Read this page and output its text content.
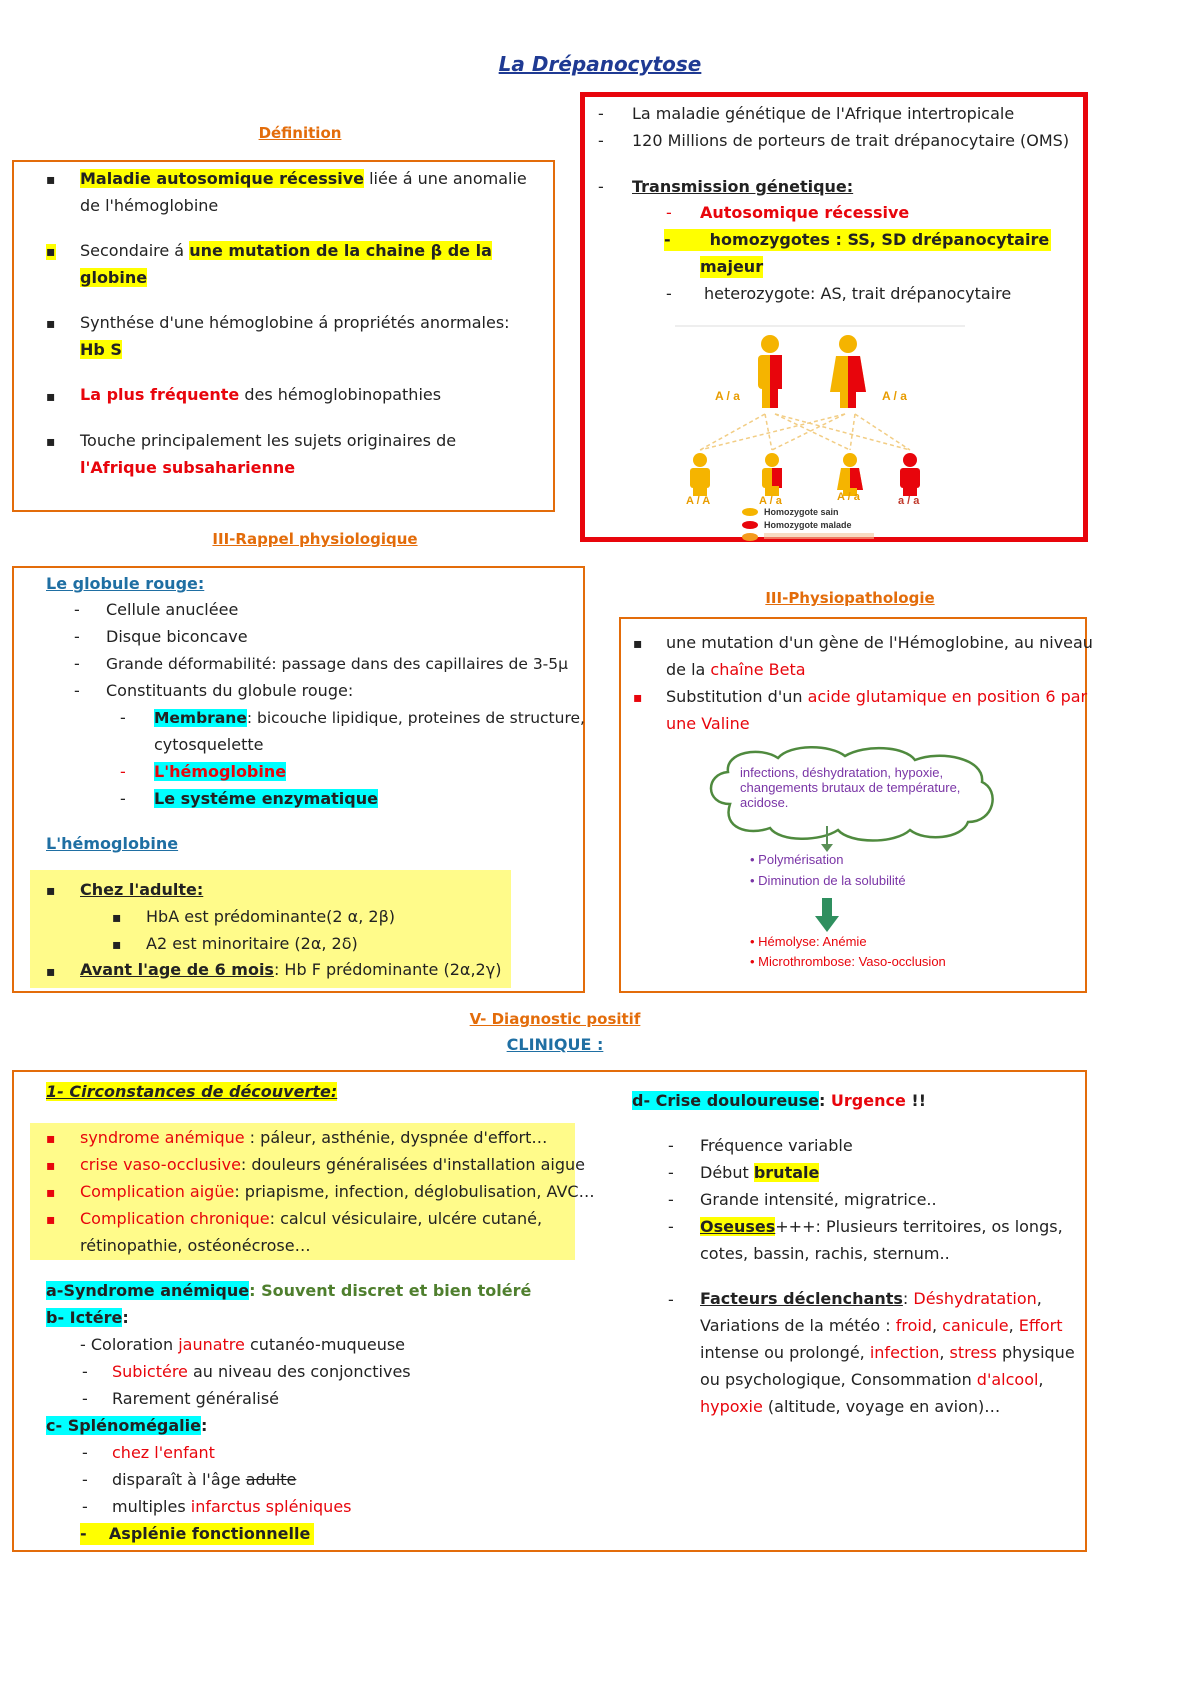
La Drépanocytose
Définition
▪ Maladie autosomique récessive liée á une anomalie
de l'hémoglobine
▪ Secondaire á une mutation de la chaine β de la
globine
▪ Synthése d'une hémoglobine á propriétés anormales:
Hb S
▪ La plus fréquente des hémoglobinopathies
▪ Touche principalement les sujets originaires de
l'Afrique subsaharienne
- La maladie génétique de l'Afrique intertropicale
- 120 Millions de porteurs de trait drépanocytaire (OMS)
- Transmission génetique:
- Autosomique récessive
-       homozygotes : SS, SD drépanocytaire
majeur
- heterozygote: AS, trait drépanocytaire
A / a	A / a
A / A	A / a	A / a	a / a
Homozygote sain
Homozygote malade
III-Rappel physiologique
Le globule rouge:
- Cellule anucléee
- Disque biconcave
- Grande déformabilité: passage dans des capillaires de 3-5µ
- Constituants du globule rouge:
- Membrane: bicouche lipidique, proteines de structure,
cytosquelette
- L'hémoglobine
- Le systéme enzymatique
L'hémoglobine
▪ Chez l'adulte:
▪ HbA est prédominante(2 α, 2β)
▪ A2 est minoritaire (2α, 2δ)
▪ Avant l'age de 6 mois: Hb F prédominante (2α,2γ)
III-Physiopathologie
▪ une mutation d'un gène de l'Hémoglobine, au niveau
de la chaîne Beta
▪ Substitution d'un acide glutamique en position 6 par
une Valine
infections, déshydratation, hypoxie, changements brutaux de température, acidose.
• Polymérisation
• Diminution de la solubilité
• Hémolyse: Anémie
• Microthrombose: Vaso-occlusion
V- Diagnostic positif
CLINIQUE :
1- Circonstances de découverte:
▪ syndrome anémique : páleur, asthénie, dyspnée d'effort…
▪ crise vaso-occlusive: douleurs généralisées d'installation aigue
▪ Complication aigüe: priapisme, infection, déglobulisation, AVC…
▪ Complication chronique: calcul vésiculaire, ulcére cutané,
rétinopathie, ostéonécrose…
a-Syndrome anémique: Souvent discret et bien toléré
b- Ictére:
- Coloration jaunatre cutanéo-muqueuse
- Subictére au niveau des conjonctives
- Rarement généralisé
c- Splénomégalie:
- chez l'enfant
- disparaît à l'âge adulte
- multiples infarctus spléniques
-    Asplénie fonctionnelle
d- Crise douloureuse: Urgence !!
- Fréquence variable
- Début brutale
- Grande intensité, migratrice..
- Oseuses+++: Plusieurs territoires, os longs,
cotes, bassin, rachis, sternum..
- Facteurs déclenchants: Déshydratation,
Variations de la météo : froid, canicule, Effort
intense ou prolongé, infection, stress physique
ou psychologique, Consommation d'alcool,
hypoxie (altitude, voyage en avion)…
